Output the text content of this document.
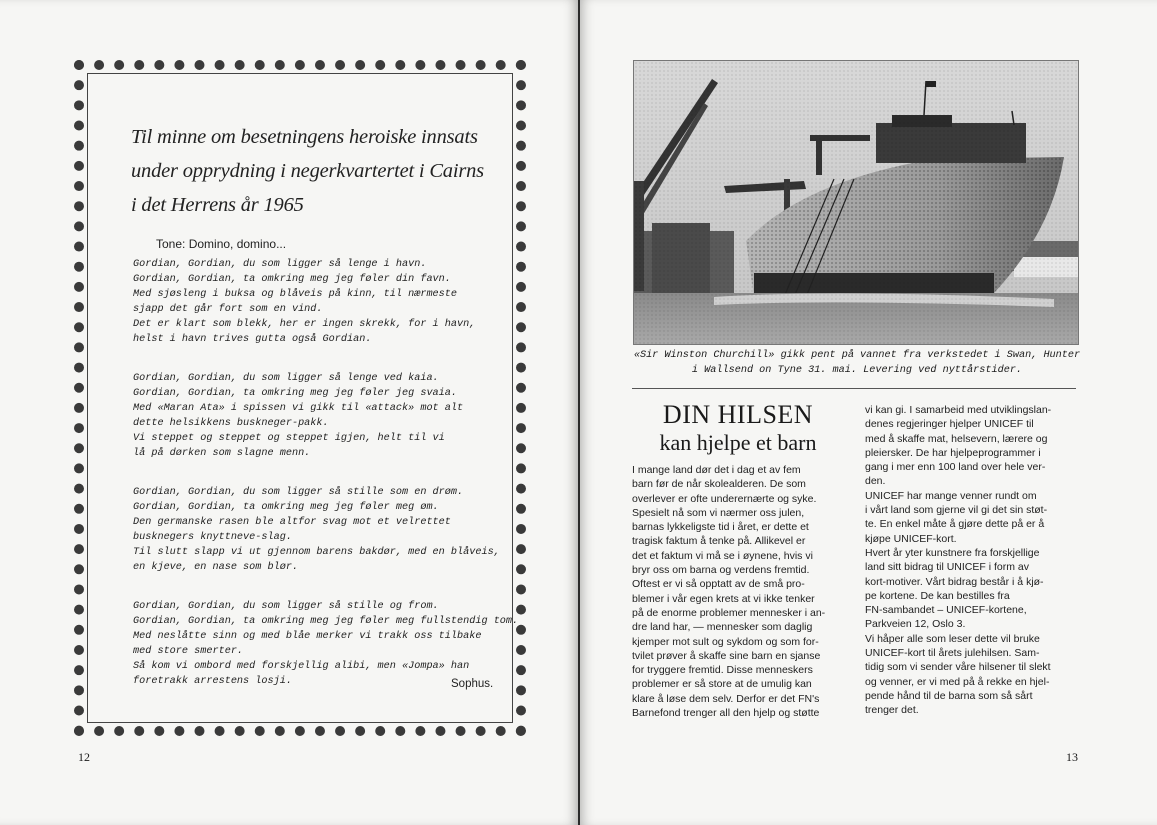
Til minne om besetningens heroiske innsats
under opprydning i negerkvartertet i Cairns
i det Herrens år 1965
Tone: Domino, domino...
Gordian, Gordian, du som ligger så lenge i havn.
Gordian, Gordian, ta omkring meg jeg føler din favn.
Med sjøsleng i buksa og blåveis på kinn, til nærmeste
sjapp det går fort som en vind.
Det er klart som blekk, her er ingen skrekk, for i havn,
helst i havn trives gutta også Gordian.
Gordian, Gordian, du som ligger så lenge ved kaia.
Gordian, Gordian, ta omkring meg jeg føler jeg svaia.
Med «Maran Ata» i spissen vi gikk til «attack» mot alt
dette helsikkens buskneger-pakk.
Vi steppet og steppet og steppet igjen, helt til vi
lå på dørken som slagne menn.
Gordian, Gordian, du som ligger så stille som en drøm.
Gordian, Gordian, ta omkring meg jeg føler meg øm.
Den germanske rasen ble altfor svag mot et velrettet
busknegers knyttneve-slag.
Til slutt slapp vi ut gjennom barens bakdør, med en blåveis,
en kjeve, en nase som blør.
Gordian, Gordian, du som ligger så stille og from.
Gordian, Gordian, ta omkring meg jeg føler meg fullstendig tom.
Med neslåtte sinn og med blåe merker vi trakk oss tilbake
med store smerter.
Så kom vi ombord med forskjellig alibi, men «Jompa» han
foretrakk arrestens losji.	Sophus.
12
«Sir Winston Churchill» gikk pent på vannet fra verkstedet i Swan, Hunter
i Wallsend on Tyne 31. mai. Levering ved nyttårstider.
DIN HILSEN
kan hjelpe et barn
I mange land dør det i dag et av fem
barn før de når skolealderen. De som
overlever er ofte underernærte og syke.
Spesielt nå som vi nærmer oss julen,
barnas lykkeligste tid i året, er dette et
tragisk faktum å tenke på. Allikevel er
det et faktum vi må se i øynene, hvis vi
bryr oss om barna og verdens fremtid.
Oftest er vi så opptatt av de små pro-
blemer i vår egen krets at vi ikke tenker
på de enorme problemer mennesker i an-
dre land har, — mennesker som daglig
kjemper mot sult og sykdom og som for-
tvilet prøver å skaffe sine barn en sjanse
for tryggere fremtid. Disse menneskers
problemer er så store at de umulig kan
klare å løse dem selv. Derfor er det FN's
Barnefond trenger all den hjelp og støtte
vi kan gi. I samarbeid med utviklingslan-
denes regjeringer hjelper UNICEF til
med å skaffe mat, helsevern, lærere og
pleiersker. De har hjelpeprogrammer i
gang i mer enn 100 land over hele ver-
den.
UNICEF har mange venner rundt om
i vårt land som gjerne vil gi det sin støt-
te. En enkel måte å gjøre dette på er å
kjøpe UNICEF-kort.
Hvert år yter kunstnere fra forskjellige
land sitt bidrag til UNICEF i form av
kort-motiver. Vårt bidrag består i å kjø-
pe kortene. De kan bestilles fra
FN-sambandet – UNICEF-kortene,
Parkveien 12, Oslo 3.
Vi håper alle som leser dette vil bruke
UNICEF-kort til årets julehilsen. Sam-
tidig som vi sender våre hilsener til slekt
og venner, er vi med på å rekke en hjel-
pende hånd til de barna som så sårt
trenger det.
13
